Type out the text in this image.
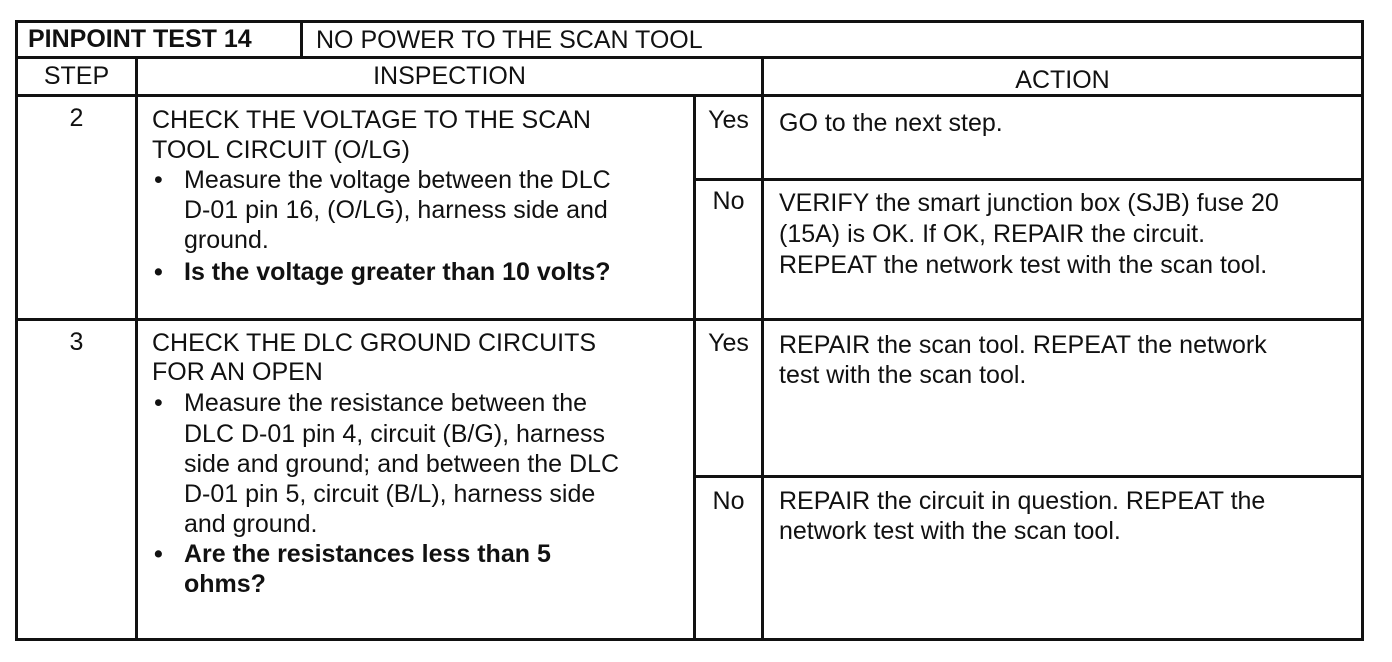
PINPOINT TEST 14	NO POWER TO THE SCAN TOOL
STEP	INSPECTION	ACTION
2	CHECK THE VOLTAGE TO THE SCAN
TOOL CIRCUIT (O/LG)
• Measure the voltage between the DLC
D-01 pin 16, (O/LG), harness side and
ground.
• Is the voltage greater than 10 volts?
Yes	GO to the next step.
No	VERIFY the smart junction box (SJB) fuse 20
(15A) is OK. If OK, REPAIR the circuit.
REPEAT the network test with the scan tool.
3	CHECK THE DLC GROUND CIRCUITS
FOR AN OPEN
• Measure the resistance between the
DLC D-01 pin 4, circuit (B/G), harness
side and ground; and between the DLC
D-01 pin 5, circuit (B/L), harness side
and ground.
• Are the resistances less than 5
ohms?
Yes	REPAIR the scan tool. REPEAT the network
test with the scan tool.
No	REPAIR the circuit in question. REPEAT the
network test with the scan tool.
